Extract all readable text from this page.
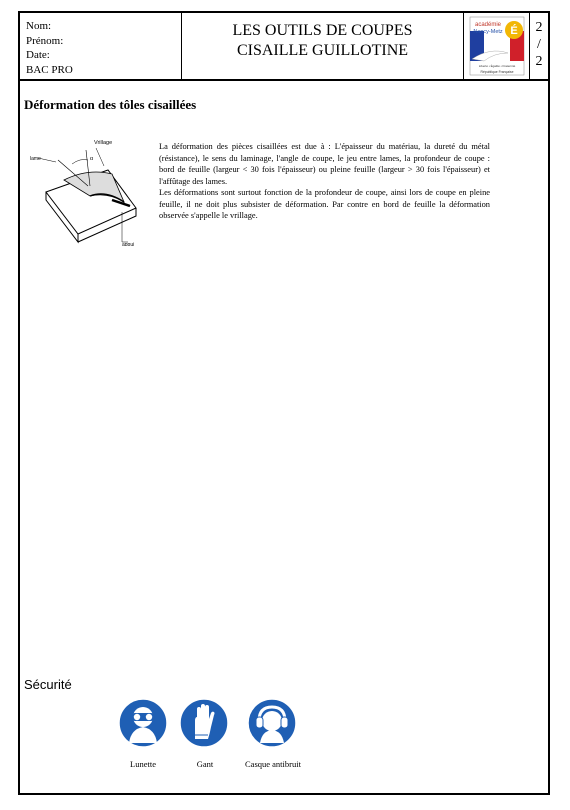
Nom:
Prénom:
Date:
BAC PRO
LES OUTILS DE COUPES
CISAILLE GUILLOTINE
É
académie
Nancy-Metz
Liberté • Égalité • Fraternité
République Française
2
/
2
Déformation des tôles cisaillées
Vrillage
lame	α
appui

La déformation des pièces cisaillées est due à : L'épaisseur du matériau, la dureté du métal (résistance), le sens du laminage, l'angle de coupe, le jeu entre lames, la profondeur de coupe : bord de feuille (largeur < 30 fois l'épaisseur) ou pleine feuille (largeur > 30 fois l'épaisseur) et l'affûtage des lames.

Les déformations sont surtout fonction de la profondeur de coupe, ainsi lors de coupe en pleine feuille, il ne doit plus subsister de déformation. Par contre en bord de feuille la déformation observée s'appelle le vrillage.

Sécurité
Lunette	Gant	Casque antibruit
